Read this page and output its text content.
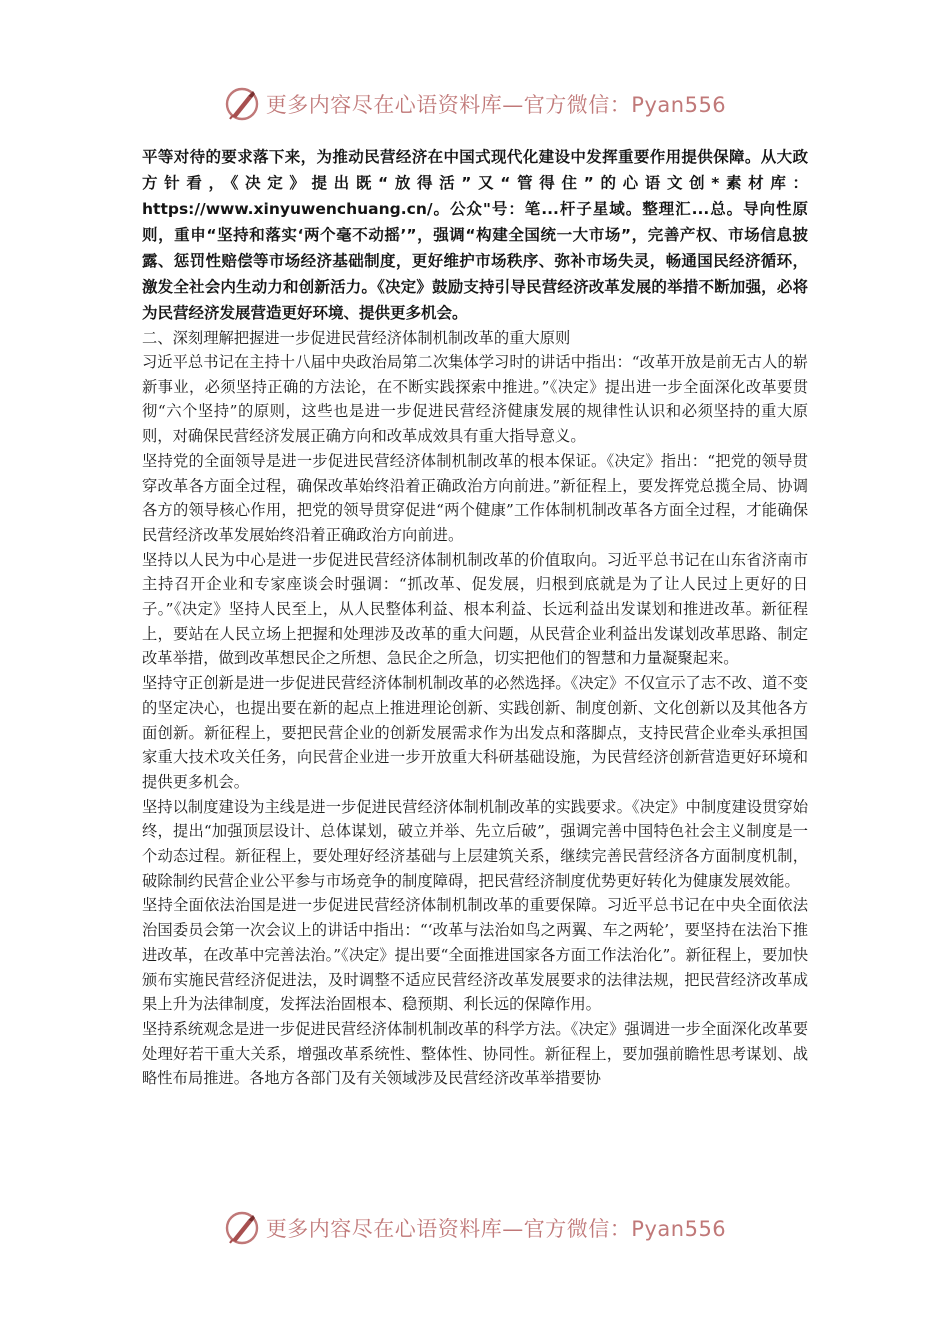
更多内容尽在心语资料库—官方微信：Pyan556

平等对待的要求落下来，为推动民营经济在中国式现代化建设中发挥重要作用提供保障。从大政方针看，《决定》提出既“放得活”又“管得住”的心语文创*素材库：https://www.xinyuwenchuang.cn/。公众"号：笔...杆子星域。整理汇...总。导向性原则，重申“坚持和落实‘两个毫不动摇’”，强调“构建全国统一大市场”，完善产权、市场信息披露、惩罚性赔偿等市场经济基础制度，更好维护市场秩序、弥补市场失灵，畅通国民经济循环，激发全社会内生动力和创新活力。《决定》鼓励支持引导民营经济改革发展的举措不断加强，必将为民营经济发展营造更好环境、提供更多机会。

二、深刻理解把握进一步促进民营经济体制机制改革的重大原则

习近平总书记在主持十八届中央政治局第二次集体学习时的讲话中指出：“改革开放是前无古人的崭新事业，必须坚持正确的方法论，在不断实践探索中推进。”《决定》提出进一步全面深化改革要贯彻“六个坚持”的原则，这些也是进一步促进民营经济健康发展的规律性认识和必须坚持的重大原则，对确保民营经济发展正确方向和改革成效具有重大指导意义。

坚持党的全面领导是进一步促进民营经济体制机制改革的根本保证。《决定》指出：“把党的领导贯穿改革各方面全过程，确保改革始终沿着正确政治方向前进。”新征程上，要发挥党总揽全局、协调各方的领导核心作用，把党的领导贯穿促进“两个健康”工作体制机制改革各方面全过程，才能确保民营经济改革发展始终沿着正确政治方向前进。

坚持以人民为中心是进一步促进民营经济体制机制改革的价值取向。习近平总书记在山东省济南市主持召开企业和专家座谈会时强调：“抓改革、促发展，归根到底就是为了让人民过上更好的日子。”《决定》坚持人民至上，从人民整体利益、根本利益、长远利益出发谋划和推进改革。新征程上，要站在人民立场上把握和处理涉及改革的重大问题，从民营企业利益出发谋划改革思路、制定改革举措，做到改革想民企之所想、急民企之所急，切实把他们的智慧和力量凝聚起来。

坚持守正创新是进一步促进民营经济体制机制改革的必然选择。《决定》不仅宣示了志不改、道不变的坚定决心，也提出要在新的起点上推进理论创新、实践创新、制度创新、文化创新以及其他各方面创新。新征程上，要把民营企业的创新发展需求作为出发点和落脚点，支持民营企业牵头承担国家重大技术攻关任务，向民营企业进一步开放重大科研基础设施，为民营经济创新营造更好环境和提供更多机会。

坚持以制度建设为主线是进一步促进民营经济体制机制改革的实践要求。《决定》中制度建设贯穿始终，提出“加强顶层设计、总体谋划，破立并举、先立后破”，强调完善中国特色社会主义制度是一个动态过程。新征程上，要处理好经济基础与上层建筑关系，继续完善民营经济各方面制度机制，破除制约民营企业公平参与市场竞争的制度障碍，把民营经济制度优势更好转化为健康发展效能。

坚持全面依法治国是进一步促进民营经济体制机制改革的重要保障。习近平总书记在中央全面依法治国委员会第一次会议上的讲话中指出：“‘改革与法治如鸟之两翼、车之两轮’，要坚持在法治下推进改革，在改革中完善法治。”《决定》提出要“全面推进国家各方面工作法治化”。新征程上，要加快颁布实施民营经济促进法，及时调整不适应民营经济改革发展要求的法律法规，把民营经济改革成果上升为法律制度，发挥法治固根本、稳预期、利长远的保障作用。

坚持系统观念是进一步促进民营经济体制机制改革的科学方法。《决定》强调进一步全面深化改革要处理好若干重大关系，增强改革系统性、整体性、协同性。新征程上，要加强前瞻性思考谋划、战略性布局推进。各地方各部门及有关领域涉及民营经济改革举措要协

更多内容尽在心语资料库—官方微信：Pyan556
